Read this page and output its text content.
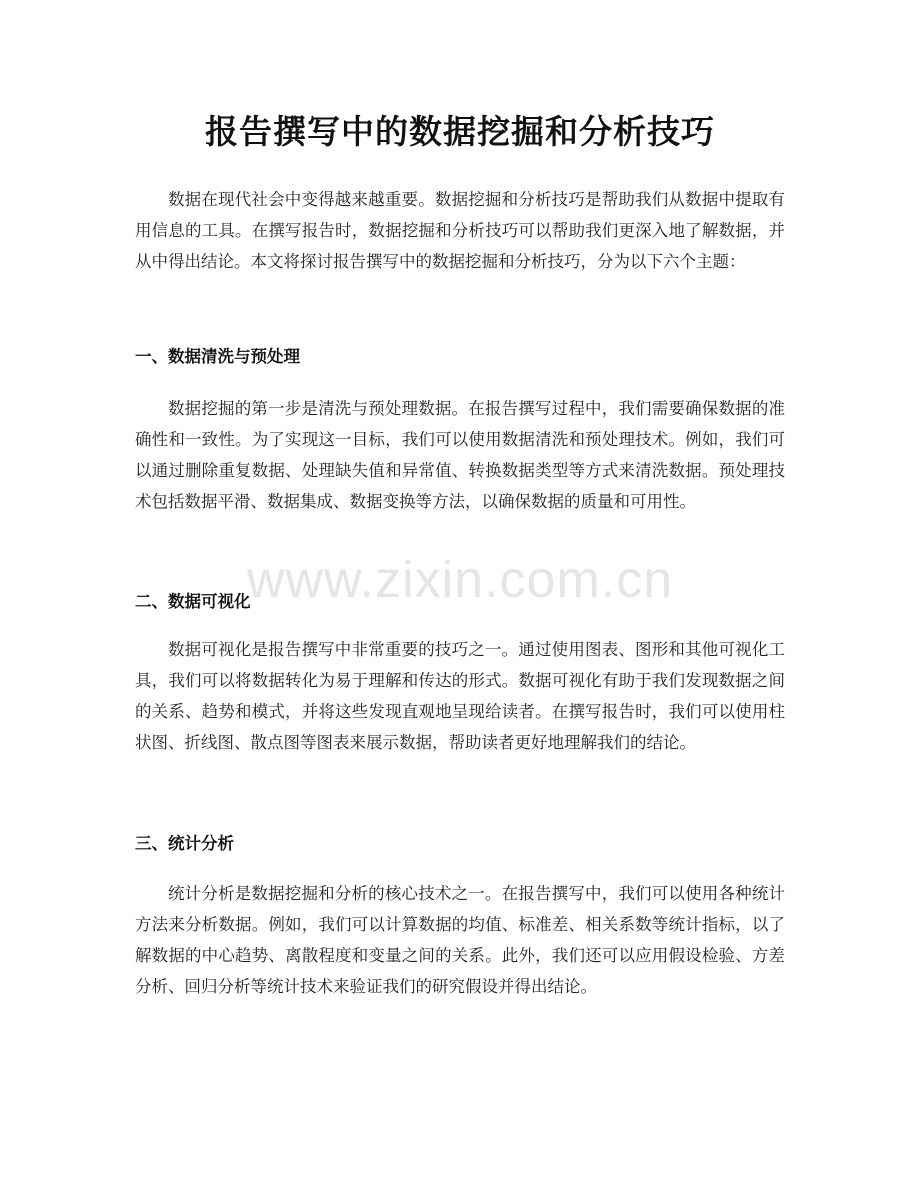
报告撰写中的数据挖掘和分析技巧

数据在现代社会中变得越来越重要。数据挖掘和分析技巧是帮助我们从数据中提取有用信息的工具。在撰写报告时，数据挖掘和分析技巧可以帮助我们更深入地了解数据，并从中得出结论。本文将探讨报告撰写中的数据挖掘和分析技巧，分为以下六个主题：

一、数据清洗与预处理

数据挖掘的第一步是清洗与预处理数据。在报告撰写过程中，我们需要确保数据的准确性和一致性。为了实现这一目标，我们可以使用数据清洗和预处理技术。例如，我们可以通过删除重复数据、处理缺失值和异常值、转换数据类型等方式来清洗数据。预处理技术包括数据平滑、数据集成、数据变换等方法，以确保数据的质量和可用性。

二、数据可视化

数据可视化是报告撰写中非常重要的技巧之一。通过使用图表、图形和其他可视化工具，我们可以将数据转化为易于理解和传达的形式。数据可视化有助于我们发现数据之间的关系、趋势和模式，并将这些发现直观地呈现给读者。在撰写报告时，我们可以使用柱状图、折线图、散点图等图表来展示数据，帮助读者更好地理解我们的结论。

三、统计分析

统计分析是数据挖掘和分析的核心技术之一。在报告撰写中，我们可以使用各种统计方法来分析数据。例如，我们可以计算数据的均值、标准差、相关系数等统计指标，以了解数据的中心趋势、离散程度和变量之间的关系。此外，我们还可以应用假设检验、方差分析、回归分析等统计技术来验证我们的研究假设并得出结论。

www.zixin.com.cn
